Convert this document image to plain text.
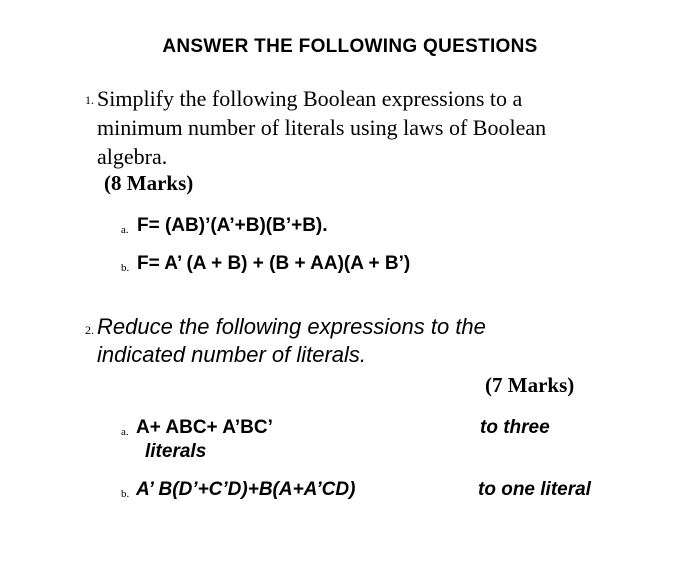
ANSWER THE FOLLOWING QUESTIONS
1. Simplify the following Boolean expressions to a
minimum number of literals using laws of Boolean
algebra.
(8 Marks)
a. F= (AB)’(A’+B)(B’+B).
b. F= A’ (A + B) + (B + AA)(A + B’)
2. Reduce the following expressions to the
indicated number of literals.
(7 Marks)
a. A+ ABC+ A’BC’	to three
literals
b. A’ B(D’+C’D)+B(A+A’CD)	to one literal
